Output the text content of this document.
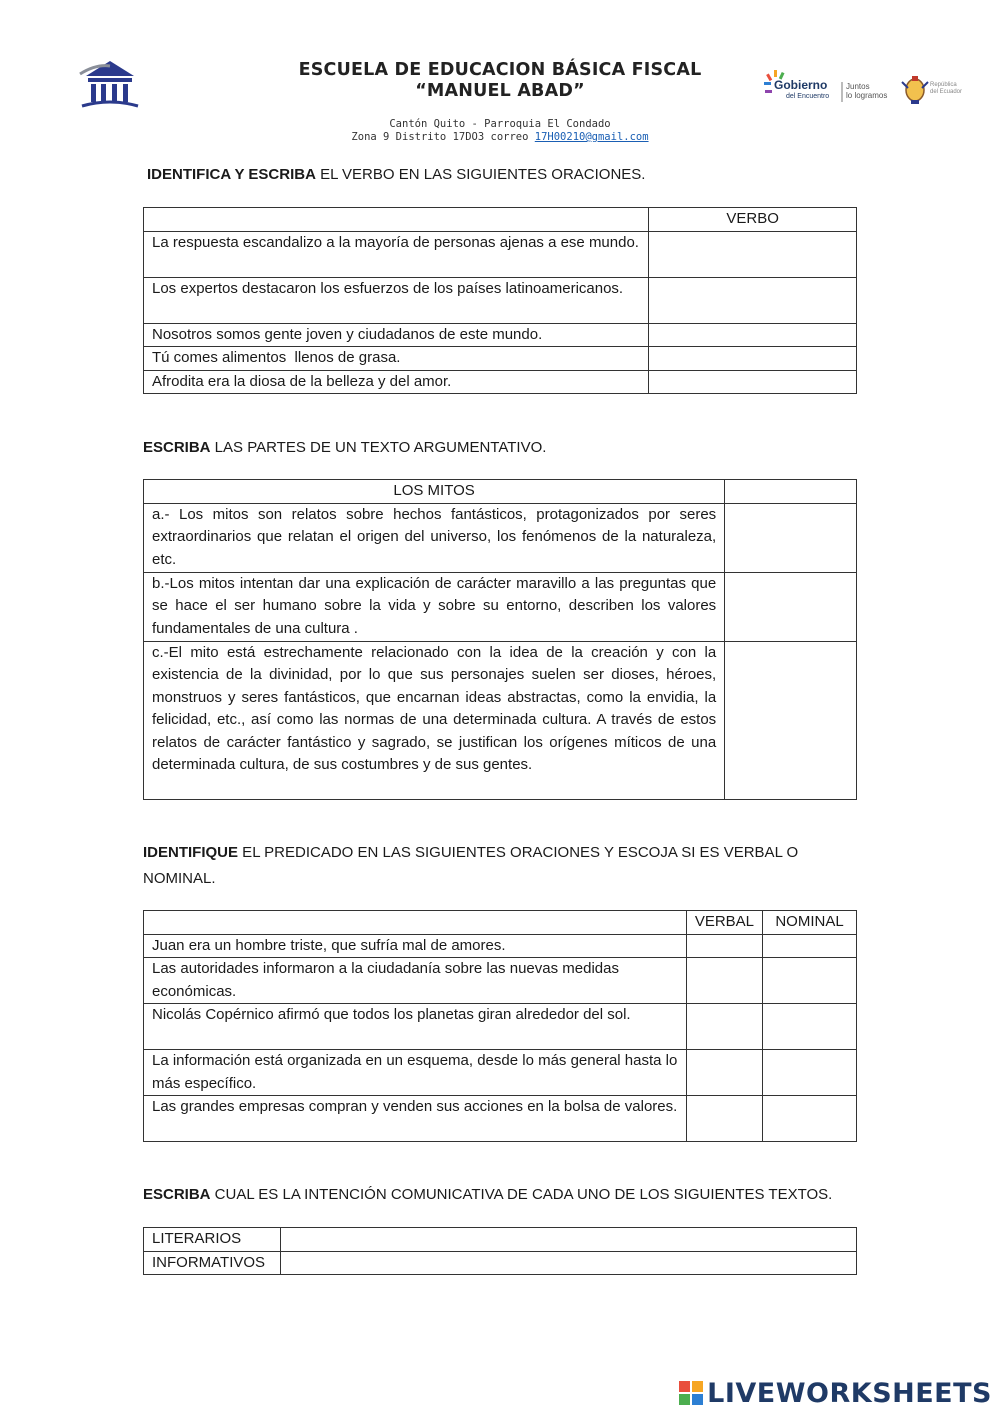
ESCUELA DE EDUCACION BÁSICA FISCAL
“MANUEL ABAD”
Cantón Quito - Parroquia El Condado
Zona 9 Distrito 17DO3 correo 17H00210@gmail.com
Gobierno
del Encuentro
Juntos
lo logramos
República del Ecuador
IDENTIFICA Y ESCRIBA EL VERBO EN LAS SIGUIENTES ORACIONES.
	VERBO
La respuesta escandalizo a la mayoría de personas ajenas a ese mundo.	
Los expertos destacaron los esfuerzos de los países latinoamericanos.	
Nosotros somos gente joven y ciudadanos de este mundo.	
Tú comes alimentos  llenos de grasa.	
Afrodita era la diosa de la belleza y del amor.	
ESCRIBA LAS PARTES DE UN TEXTO ARGUMENTATIVO.
LOS MITOS	
a.- Los mitos son relatos sobre hechos fantásticos, protagonizados por seres extraordinarios que relatan el origen del universo, los fenómenos de la naturaleza, etc.	
b.-Los mitos intentan dar una explicación de carácter maravillo a las preguntas que se hace el ser humano sobre la vida y sobre su entorno, describen los valores fundamentales de una cultura .	
c.-El mito está estrechamente relacionado con la idea de la creación y con la existencia de la divinidad, por lo que sus personajes suelen ser dioses, héroes, monstruos y seres fantásticos, que encarnan ideas abstractas, como la envidia, la felicidad, etc., así como las normas de una determinada cultura. A través de estos relatos de carácter fantástico y sagrado, se justifican los orígenes míticos de una determinada cultura, de sus costumbres y de sus gentes.	
IDENTIFIQUE EL PREDICADO EN LAS SIGUIENTES ORACIONES Y ESCOJA SI ES VERBAL O NOMINAL.
	VERBAL	NOMINAL
Juan era un hombre triste, que sufría mal de amores.		
Las autoridades informaron a la ciudadanía sobre las nuevas medidas económicas.		
Nicolás Copérnico afirmó que todos los planetas giran alrededor del sol.		
La información está organizada en un esquema, desde lo más general hasta lo más específico.		
Las grandes empresas compran y venden sus acciones en la bolsa de valores.		
ESCRIBA CUAL ES LA INTENCIÓN COMUNICATIVA DE CADA UNO DE LOS SIGUIENTES TEXTOS.
LITERARIOS	
INFORMATIVOS	
LIVEWORKSHEETS
